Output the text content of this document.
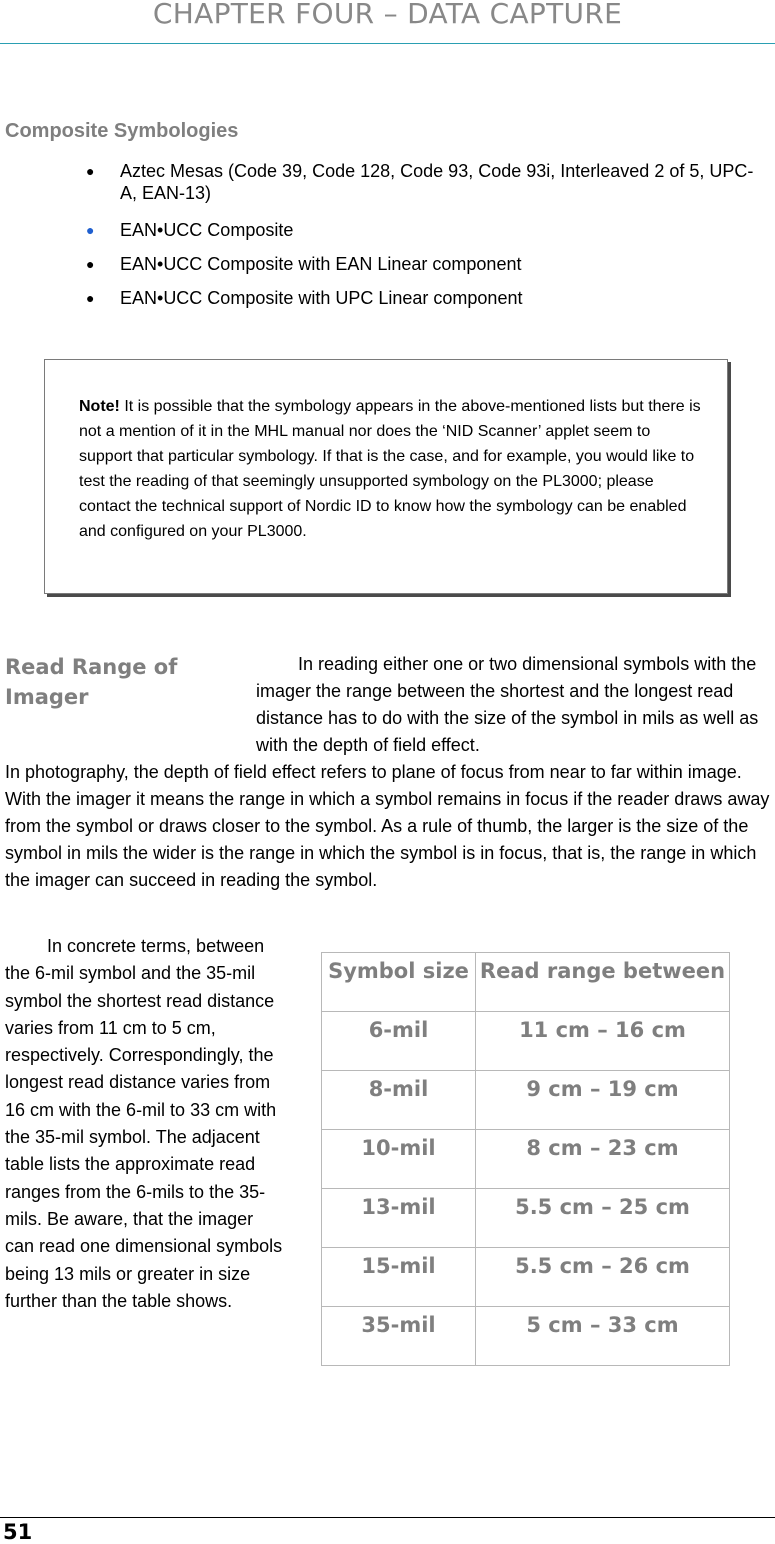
CHAPTER FOUR – DATA CAPTURE
Composite Symbologies
● Aztec Mesas (Code 39, Code 128, Code 93, Code 93i, Interleaved 2 of 5, UPC-A, EAN-13)
● EAN•UCC Composite
● EAN•UCC Composite with EAN Linear component
● EAN•UCC Composite with UPC Linear component
Note! It is possible that the symbology appears in the above-mentioned lists but there is not a mention of it in the MHL manual nor does the ‘NID Scanner’ applet seem to support that particular symbology. If that is the case, and for example, you would like to test the reading of that seemingly unsupported symbology on the PL3000; please contact the technical support of Nordic ID to know how the symbology can be enabled and configured on your PL3000.
Read Range of Imager
In reading either one or two dimensional symbols with the imager the range between the shortest and the longest read distance has to do with the size of the symbol in mils as well as with the depth of field effect.
In photography, the depth of field effect refers to plane of focus from near to far within image. With the imager it means the range in which a symbol remains in focus if the reader draws away from the symbol or draws closer to the symbol. As a rule of thumb, the larger is the size of the symbol in mils the wider is the range in which the symbol is in focus, that is, the range in which the imager can succeed in reading the symbol.
In concrete terms, between the 6-mil symbol and the 35-mil symbol the shortest read distance varies from 11 cm to 5 cm, respectively. Correspondingly, the longest read distance varies from 16 cm with the 6-mil to 33 cm with the 35-mil symbol. The adjacent table lists the approximate read ranges from the 6-mils to the 35-mils. Be aware, that the imager can read one dimensional symbols being 13 mils or greater in size further than the table shows.
Symbol size	Read range between
6-mil	11 cm – 16 cm
8-mil	9 cm – 19 cm
10-mil	8 cm – 23 cm
13-mil	5.5 cm – 25 cm
15-mil	5.5 cm – 26 cm
35-mil	5 cm – 33 cm
51
